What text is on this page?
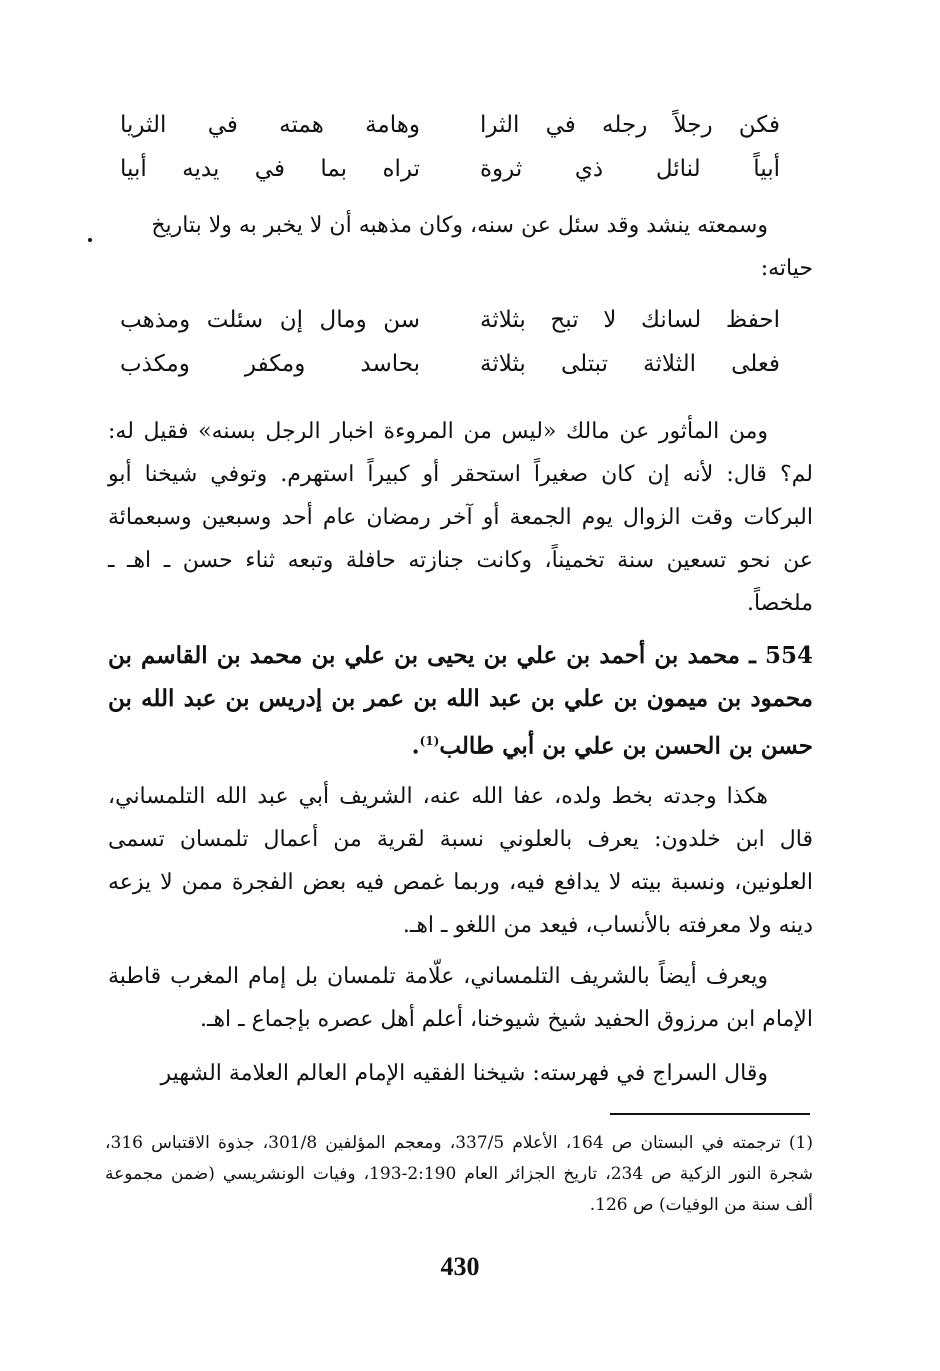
فكن رجلاً رجله في الثرا
وهامة همته في الثريا
أبياً لنائل ذي ثروة
تراه بما في يديه أبيا

وسمعته ينشد وقد سئل عن سنه، وكان مذهبه أن لا يخبر به ولا بتاريخ

حياته:

احفظ لسانك لا تبح بثلاثة
سن ومال إن سئلت ومذهب
فعلى الثلاثة تبتلى بثلاثة
بحاسد ومكفر ومكذب

ومن المأثور عن مالك «ليس من المروءة اخبار الرجل بسنه» فقيل له: لم؟ قال: لأنه إن كان صغيراً استحقر أو كبيراً استهرم. وتوفي شيخنا أبو البركات وقت الزوال يوم الجمعة أو آخر رمضان عام أحد وسبعين وسبعمائة عن نحو تسعين سنة تخميناً، وكانت جنازته حافلة وتبعه ثناء حسن ـ اهـ ـ ملخصاً.

554 ـ محمد بن أحمد بن علي بن يحيى بن علي بن محمد بن القاسم بن محمود بن ميمون بن علي بن عبد الله بن عمر بن إدريس بن عبد الله بن حسن بن الحسن بن علي بن أبي طالب$^{(1)}$.

هكذا وجدته بخط ولده، عفا الله عنه، الشريف أبي عبد الله التلمساني، قال ابن خلدون: يعرف بالعلوني نسبة لقرية من أعمال تلمسان تسمى العلونين، ونسبة بيته لا يدافع فيه، وربما غمص فيه بعض الفجرة ممن لا يزعه دينه ولا معرفته بالأنساب، فيعد من اللغو ـ اهـ.

ويعرف أيضاً بالشريف التلمساني، علّامة تلمسان بل إمام المغرب قاطبة الإمام ابن مرزوق الحفيد شيخ شيوخنا، أعلم أهل عصره بإجماع ـ اهـ.

وقال السراج في فهرسته: شيخنا الفقيه الإمام العالم العلامة الشهير

(1) ترجمته في البستان ص 164، الأعلام 337/5، ومعجم المؤلفين 301/8، جذوة الاقتباس 316، شجرة النور الزكية ص 234، تاريخ الجزائر العام 2:190-193، وفيات الونشريسي (ضمن مجموعة ألف سنة من الوفيات) ص 126.

430
